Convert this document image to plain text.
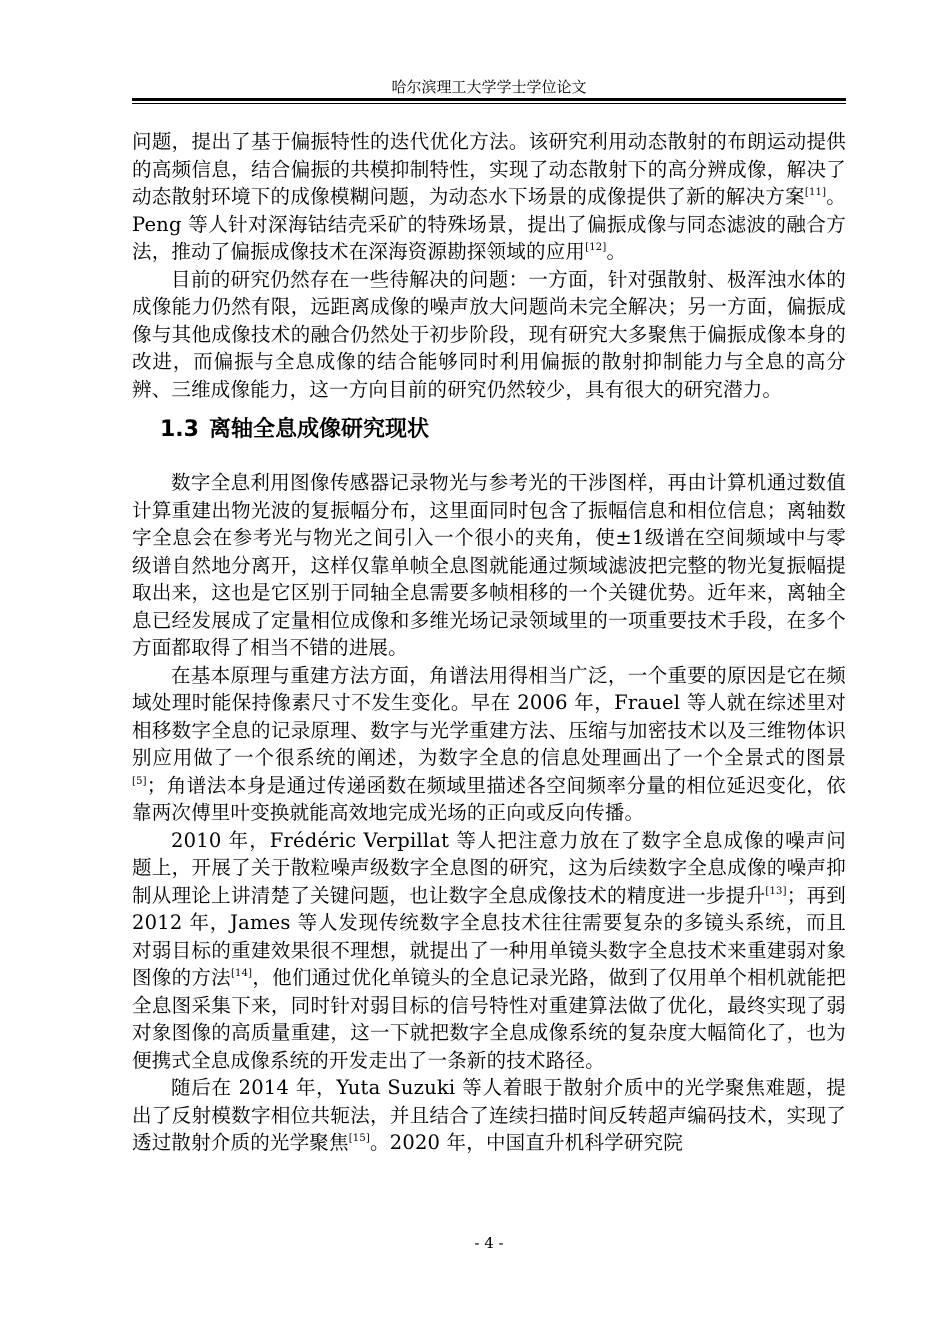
哈尔滨理工大学学士学位论文

问题，提出了基于偏振特性的迭代优化方法。该研究利用动态散射的布朗运动提供的高频信息，结合偏振的共模抑制特性，实现了动态散射下的高分辨成像，解决了动态散射环境下的成像模糊问题，为动态水下场景的成像提供了新的解决方案[11]。Peng 等人针对深海钴结壳采矿的特殊场景，提出了偏振成像与同态滤波的融合方法，推动了偏振成像技术在深海资源勘探领域的应用[12]。

目前的研究仍然存在一些待解决的问题：一方面，针对强散射、极浑浊水体的成像能力仍然有限，远距离成像的噪声放大问题尚未完全解决；另一方面，偏振成像与其他成像技术的融合仍然处于初步阶段，现有研究大多聚焦于偏振成像本身的改进，而偏振与全息成像的结合能够同时利用偏振的散射抑制能力与全息的高分辨、三维成像能力，这一方向目前的研究仍然较少，具有很大的研究潜力。

1.3 离轴全息成像研究现状

数字全息利用图像传感器记录物光与参考光的干涉图样，再由计算机通过数值计算重建出物光波的复振幅分布，这里面同时包含了振幅信息和相位信息；离轴数字全息会在参考光与物光之间引入一个很小的夹角，使±1级谱在空间频域中与零级谱自然地分离开，这样仅靠单帧全息图就能通过频域滤波把完整的物光复振幅提取出来，这也是它区别于同轴全息需要多帧相移的一个关键优势。近年来，离轴全息已经发展成了定量相位成像和多维光场记录领域里的一项重要技术手段，在多个方面都取得了相当不错的进展。

在基本原理与重建方法方面，角谱法用得相当广泛，一个重要的原因是它在频域处理时能保持像素尺寸不发生变化。早在 2006 年，Frauel 等人就在综述里对相移数字全息的记录原理、数字与光学重建方法、压缩与加密技术以及三维物体识别应用做了一个很系统的阐述，为数字全息的信息处理画出了一个全景式的图景[5]；角谱法本身是通过传递函数在频域里描述各空间频率分量的相位延迟变化，依靠两次傅里叶变换就能高效地完成光场的正向或反向传播。

2010 年，Frédéric Verpillat 等人把注意力放在了数字全息成像的噪声问题上，开展了关于散粒噪声级数字全息图的研究，这为后续数字全息成像的噪声抑制从理论上讲清楚了关键问题，也让数字全息成像技术的精度进一步提升[13]；再到 2012 年，James 等人发现传统数字全息技术往往需要复杂的多镜头系统，而且对弱目标的重建效果很不理想，就提出了一种用单镜头数字全息技术来重建弱对象图像的方法[14]，他们通过优化单镜头的全息记录光路，做到了仅用单个相机就能把全息图采集下来，同时针对弱目标的信号特性对重建算法做了优化，最终实现了弱对象图像的高质量重建，这一下就把数字全息成像系统的复杂度大幅简化了，也为便携式全息成像系统的开发走出了一条新的技术路径。

随后在 2014 年，Yuta Suzuki 等人着眼于散射介质中的光学聚焦难题，提出了反射模数字相位共轭法，并且结合了连续扫描时间反转超声编码技术，实现了透过散射介质的光学聚焦[15]。2020 年，中国直升机科学研究院

- 4 -
